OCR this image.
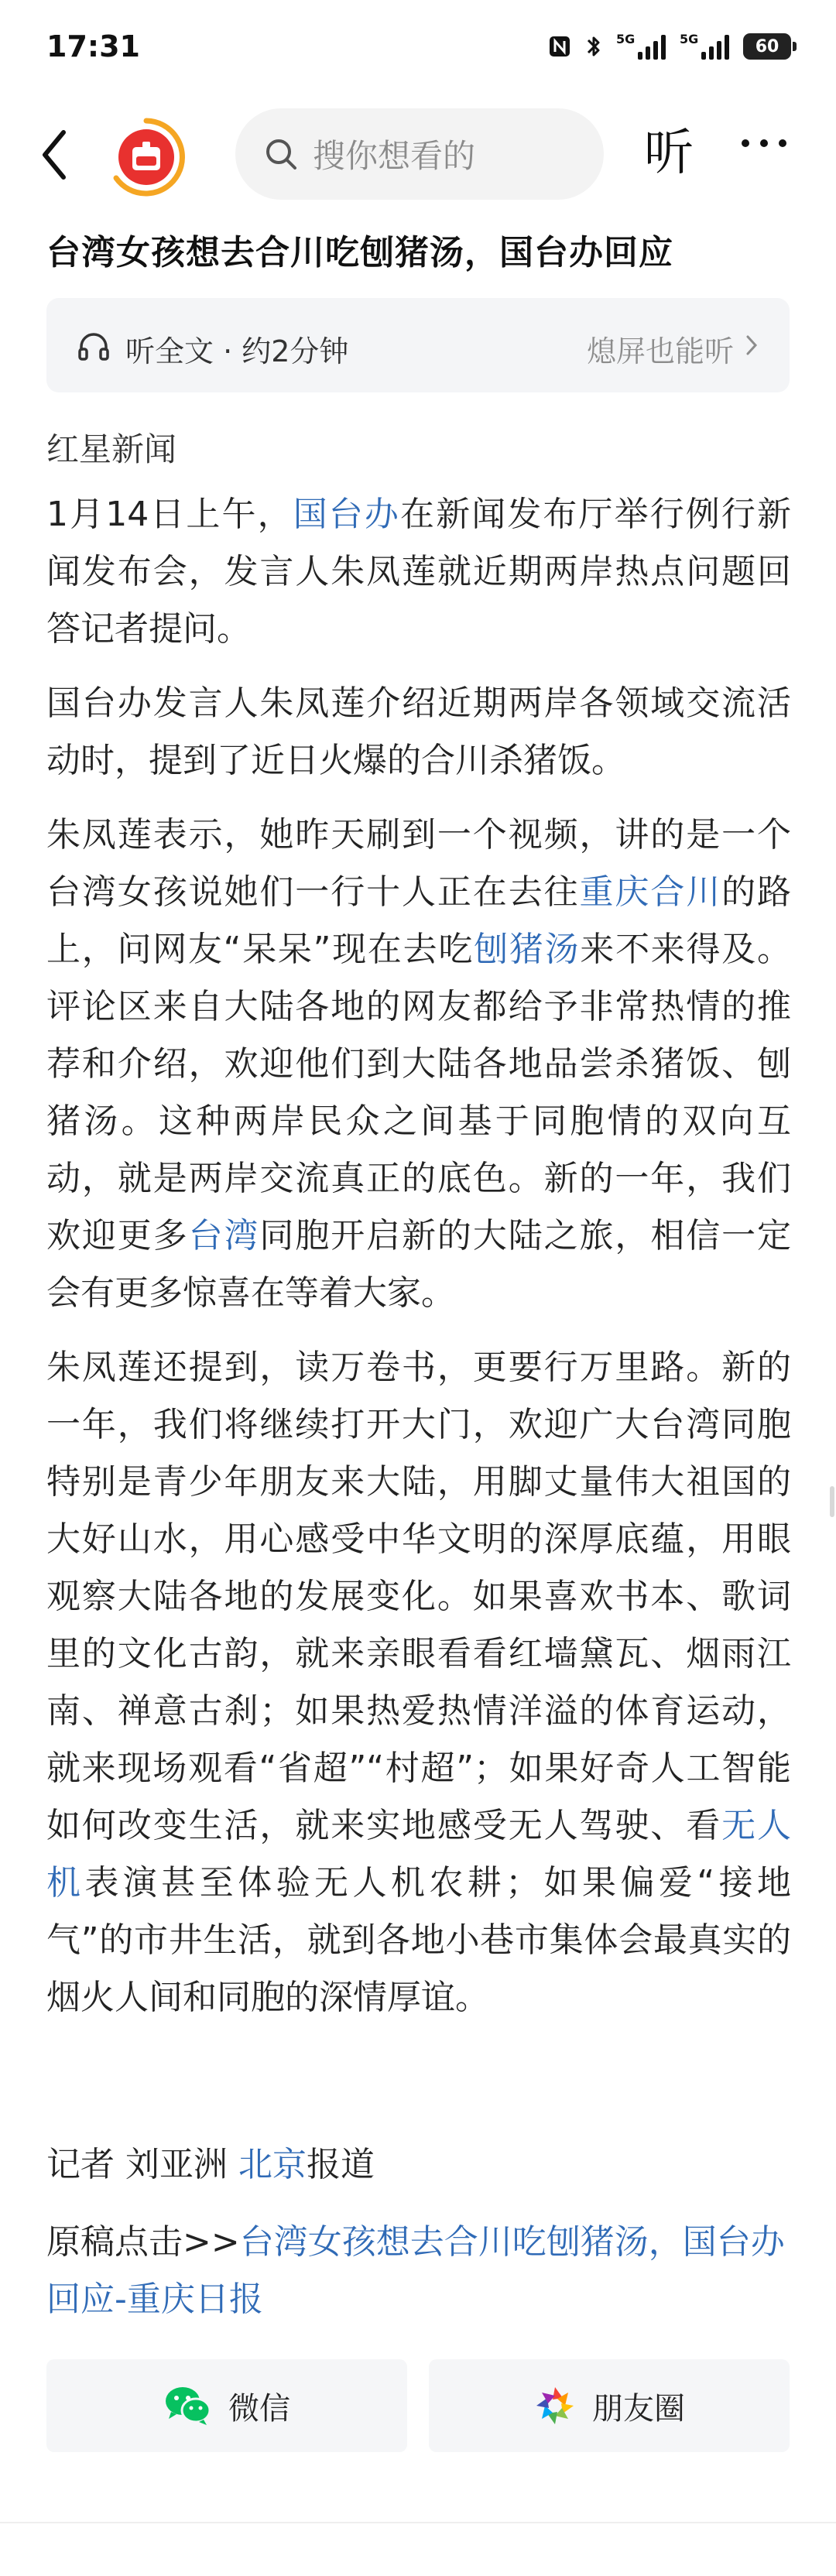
17:31	5G	5G	60
搜你想看的	听
台湾女孩想去合川吃刨猪汤，国台办回应
听全文 · 约2分钟	熄屏也能听
红星新闻

1月14日上午，国台办在新闻发布厅举行例行新闻发布会，发言人朱凤莲就近期两岸热点问题回答记者提问。

国台办发言人朱凤莲介绍近期两岸各领域交流活动时，提到了近日火爆的合川杀猪饭。

朱凤莲表示，她昨天刷到一个视频，讲的是一个台湾女孩说她们一行十人正在去往重庆合川的路上，问网友“呆呆”现在去吃刨猪汤来不来得及。评论区来自大陆各地的网友都给予非常热情的推荐和介绍，欢迎他们到大陆各地品尝杀猪饭、刨猪汤。这种两岸民众之间基于同胞情的双向互动，就是两岸交流真正的底色。新的一年，我们欢迎更多台湾同胞开启新的大陆之旅，相信一定会有更多惊喜在等着大家。

朱凤莲还提到，读万卷书，更要行万里路。新的一年，我们将继续打开大门，欢迎广大台湾同胞特别是青少年朋友来大陆，用脚丈量伟大祖国的大好山水，用心感受中华文明的深厚底蕴，用眼观察大陆各地的发展变化。如果喜欢书本、歌词里的文化古韵，就来亲眼看看红墙黛瓦、烟雨江南、禅意古刹；如果热爱热情洋溢的体育运动，就来现场观看“省超”“村超”；如果好奇人工智能如何改变生活，就来实地感受无人驾驶、看无人机表演甚至体验无人机农耕；如果偏爱“接地气”的市井生活，就到各地小巷市集体会最真实的烟火人间和同胞的深情厚谊。

记者 刘亚洲 北京报道
原稿点击>>台湾女孩想去合川吃刨猪汤，国台办回应-重庆日报
微信	朋友圈
